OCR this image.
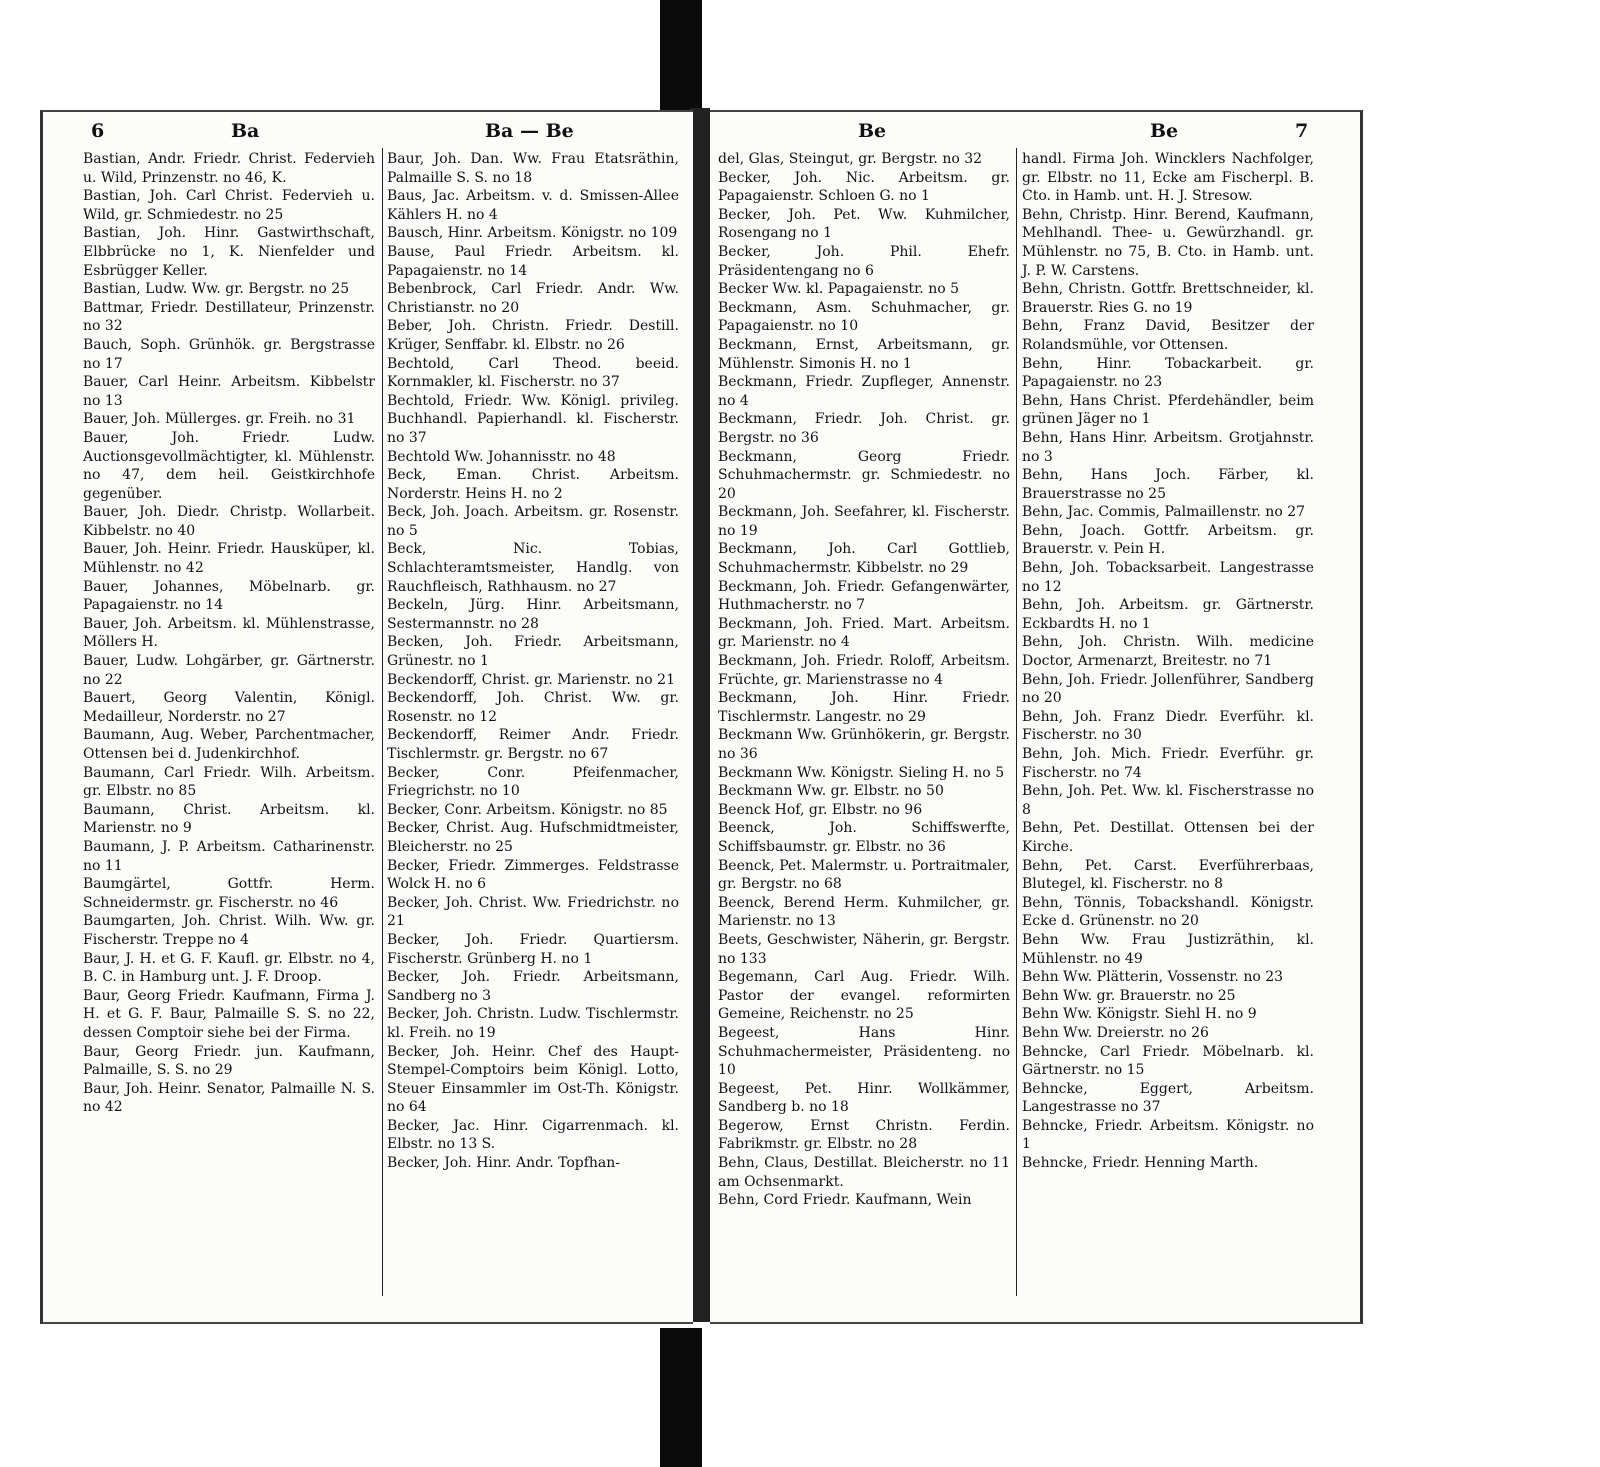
6	Ba	Ba — Be

Bastian, Andr. Friedr. Christ. Federvieh u. Wild, Prinzenstr. no 46, K.

Bastian, Joh. Carl Christ. Federvieh u. Wild, gr. Schmiedestr. no 25

Bastian, Joh. Hinr. Gastwirthschaft, Elbbrücke no 1, K. Nienfelder und Esbrügger Keller.

Bastian, Ludw. Ww. gr. Bergstr. no 25

Battmar, Friedr. Destillateur, Prinzenstr. no 32

Bauch, Soph. Grünhök. gr. Bergstrasse no 17

Bauer, Carl Heinr. Arbeitsm. Kibbelstr no 13

Bauer, Joh. Müllerges. gr. Freih. no 31

Bauer, Joh. Friedr. Ludw. Auctionsgevollmächtigter, kl. Mühlenstr. no 47, dem heil. Geistkirchhofe gegenüber.

Bauer, Joh. Diedr. Christp. Wollarbeit. Kibbelstr. no 40

Bauer, Joh. Heinr. Friedr. Hausküper, kl. Mühlenstr. no 42

Bauer, Johannes, Möbelnarb. gr. Papagaienstr. no 14

Bauer, Joh. Arbeitsm. kl. Mühlenstrasse, Möllers H.

Bauer, Ludw. Lohgärber, gr. Gärtnerstr. no 22

Bauert, Georg Valentin, Königl. Medailleur, Norderstr. no 27

Baumann, Aug. Weber, Parchentmacher, Ottensen bei d. Judenkirchhof.

Baumann, Carl Friedr. Wilh. Arbeitsm. gr. Elbstr. no 85

Baumann, Christ. Arbeitsm. kl. Marienstr. no 9

Baumann, J. P. Arbeitsm. Catharinenstr. no 11

Baumgärtel, Gottfr. Herm. Schneidermstr. gr. Fischerstr. no 46

Baumgarten, Joh. Christ. Wilh. Ww. gr. Fischerstr. Treppe no 4

Baur, J. H. et G. F. Kaufl. gr. Elbstr. no 4, B. C. in Hamburg unt. J. F. Droop.

Baur, Georg Friedr. Kaufmann, Firma J. H. et G. F. Baur, Palmaille S. S. no 22, dessen Comptoir siehe bei der Firma.

Baur, Georg Friedr. jun. Kaufmann, Palmaille, S. S. no 29

Baur, Joh. Heinr. Senator, Palmaille N. S. no 42

Baur, Joh. Dan. Ww. Frau Etatsräthin, Palmaille S. S. no 18

Baus, Jac. Arbeitsm. v. d. Smissen-Allee Kählers H. no 4

Bausch, Hinr. Arbeitsm. Königstr. no 109

Bause, Paul Friedr. Arbeitsm. kl. Papagaienstr. no 14

Bebenbrock, Carl Friedr. Andr. Ww. Christianstr. no 20

Beber, Joh. Christn. Friedr. Destill. Krüger, Senffabr. kl. Elbstr. no 26

Bechtold, Carl Theod. beeid. Kornmakler, kl. Fischerstr. no 37

Bechtold, Friedr. Ww. Königl. privileg. Buchhandl. Papierhandl. kl. Fischerstr. no 37

Bechtold Ww. Johannisstr. no 48

Beck, Eman. Christ. Arbeitsm. Norderstr. Heins H. no 2

Beck, Joh. Joach. Arbeitsm. gr. Rosenstr. no 5

Beck, Nic. Tobias, Schlachteramtsmeister, Handlg. von Rauchfleisch, Rathhausm. no 27

Beckeln, Jürg. Hinr. Arbeitsmann, Sestermannstr. no 28

Becken, Joh. Friedr. Arbeitsmann, Grünestr. no 1

Beckendorff, Christ. gr. Marienstr. no 21

Beckendorff, Joh. Christ. Ww. gr. Rosenstr. no 12

Beckendorff, Reimer Andr. Friedr. Tischlermstr. gr. Bergstr. no 67

Becker, Conr. Pfeifenmacher, Friegrichstr. no 10

Becker, Conr. Arbeitsm. Königstr. no 85

Becker, Christ. Aug. Hufschmidtmeister, Bleicherstr. no 25

Becker, Friedr. Zimmerges. Feldstrasse Wolck H. no 6

Becker, Joh. Christ. Ww. Friedrichstr. no 21

Becker, Joh. Friedr. Quartiersm. Fischerstr. Grünberg H. no 1

Becker, Joh. Friedr. Arbeitsmann, Sandberg no 3

Becker, Joh. Christn. Ludw. Tischlermstr. kl. Freih. no 19

Becker, Joh. Heinr. Chef des Haupt-Stempel-Comptoirs beim Königl. Lotto, Steuer Einsammler im Ost-Th. Königstr. no 64

Becker, Jac. Hinr. Cigarrenmach. kl. Elbstr. no 13 S.

Becker, Joh. Hinr. Andr. Topfhan-

Be	Be	7

del, Glas, Steingut, gr. Bergstr. no 32

Becker, Joh. Nic. Arbeitsm. gr. Papagaienstr. Schloen G. no 1

Becker, Joh. Pet. Ww. Kuhmilcher, Rosengang no 1

Becker, Joh. Phil. Ehefr. Präsidentengang no 6

Becker Ww. kl. Papagaienstr. no 5

Beckmann, Asm. Schuhmacher, gr. Papagaienstr. no 10

Beckmann, Ernst, Arbeitsmann, gr. Mühlenstr. Simonis H. no 1

Beckmann, Friedr. Zupfleger, Annenstr. no 4

Beckmann, Friedr. Joh. Christ. gr. Bergstr. no 36

Beckmann, Georg Friedr. Schuhmachermstr. gr. Schmiedestr. no 20

Beckmann, Joh. Seefahrer, kl. Fischerstr. no 19

Beckmann, Joh. Carl Gottlieb, Schuhmachermstr. Kibbelstr. no 29

Beckmann, Joh. Friedr. Gefangenwärter, Huthmacherstr. no 7

Beckmann, Joh. Fried. Mart. Arbeitsm. gr. Marienstr. no 4

Beckmann, Joh. Friedr. Roloff, Arbeitsm. Früchte, gr. Marienstrasse no 4

Beckmann, Joh. Hinr. Friedr. Tischlermstr. Langestr. no 29

Beckmann Ww. Grünhökerin, gr. Bergstr. no 36

Beckmann Ww. Königstr. Sieling H. no 5

Beckmann Ww. gr. Elbstr. no 50

Beenck Hof, gr. Elbstr. no 96

Beenck, Joh. Schiffswerfte, Schiffsbaumstr. gr. Elbstr. no 36

Beenck, Pet. Malermstr. u. Portraitmaler, gr. Bergstr. no 68

Beenck, Berend Herm. Kuhmilcher, gr. Marienstr. no 13

Beets, Geschwister, Näherin, gr. Bergstr. no 133

Begemann, Carl Aug. Friedr. Wilh. Pastor der evangel. reformirten Gemeine, Reichenstr. no 25

Begeest, Hans Hinr. Schuhmachermeister, Präsidenteng. no 10

Begeest, Pet. Hinr. Wollkämmer, Sandberg b. no 18

Begerow, Ernst Christn. Ferdin. Fabrikmstr. gr. Elbstr. no 28

Behn, Claus, Destillat. Bleicherstr. no 11 am Ochsenmarkt.

Behn, Cord Friedr. Kaufmann, Wein

handl. Firma Joh. Wincklers Nachfolger, gr. Elbstr. no 11, Ecke am Fischerpl. B. Cto. in Hamb. unt. H. J. Stresow.

Behn, Christp. Hinr. Berend, Kaufmann, Mehlhandl. Thee- u. Gewürzhandl. gr. Mühlenstr. no 75, B. Cto. in Hamb. unt. J. P. W. Carstens.

Behn, Christn. Gottfr. Brettschneider, kl. Brauerstr. Ries G. no 19

Behn, Franz David, Besitzer der Rolandsmühle, vor Ottensen.

Behn, Hinr. Tobackarbeit. gr. Papagaienstr. no 23

Behn, Hans Christ. Pferdehändler, beim grünen Jäger no 1

Behn, Hans Hinr. Arbeitsm. Grotjahnstr. no 3

Behn, Hans Joch. Färber, kl. Brauerstrasse no 25

Behn, Jac. Commis, Palmaillenstr. no 27

Behn, Joach. Gottfr. Arbeitsm. gr. Brauerstr. v. Pein H.

Behn, Joh. Tobacksarbeit. Langestrasse no 12

Behn, Joh. Arbeitsm. gr. Gärtnerstr. Eckbardts H. no 1

Behn, Joh. Christn. Wilh. medicine Doctor, Armenarzt, Breitestr. no 71

Behn, Joh. Friedr. Jollenführer, Sandberg no 20

Behn, Joh. Franz Diedr. Everführ. kl. Fischerstr. no 30

Behn, Joh. Mich. Friedr. Everführ. gr. Fischerstr. no 74

Behn, Joh. Pet. Ww. kl. Fischerstrasse no 8

Behn, Pet. Destillat. Ottensen bei der Kirche.

Behn, Pet. Carst. Everführerbaas, Blutegel, kl. Fischerstr. no 8

Behn, Tönnis, Tobackshandl. Königstr. Ecke d. Grünenstr. no 20

Behn Ww. Frau Justizräthin, kl. Mühlenstr. no 49

Behn Ww. Plätterin, Vossenstr. no 23

Behn Ww. gr. Brauerstr. no 25

Behn Ww. Königstr. Siehl H. no 9

Behn Ww. Dreierstr. no 26

Behncke, Carl Friedr. Möbelnarb. kl. Gärtnerstr. no 15

Behncke, Eggert, Arbeitsm. Langestrasse no 37

Behncke, Friedr. Arbeitsm. Königstr. no 1

Behncke, Friedr. Henning Marth.
